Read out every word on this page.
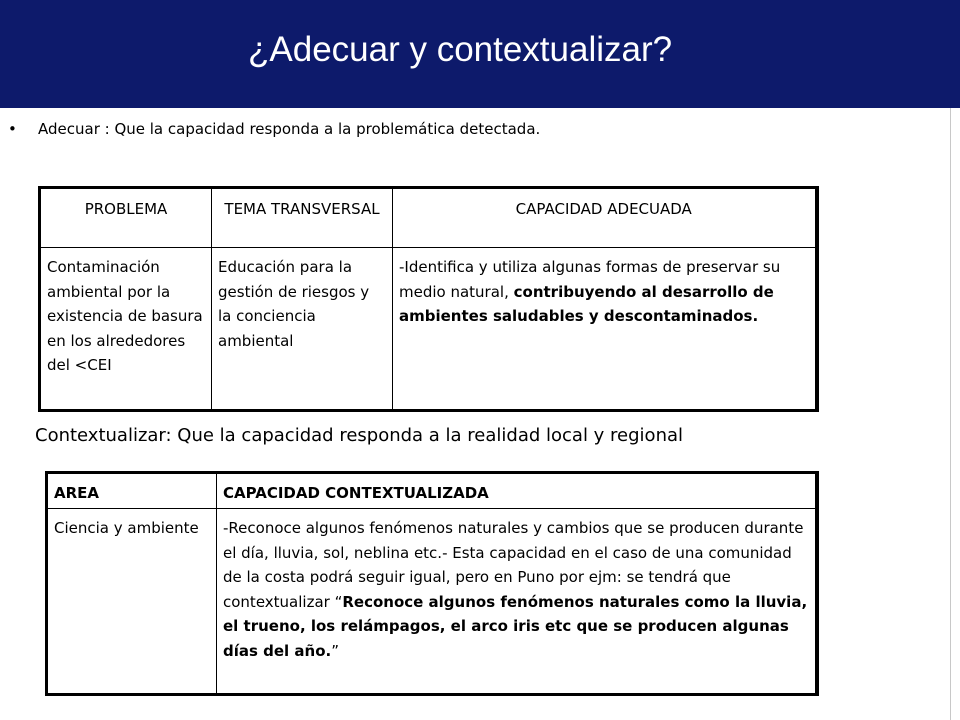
¿Adecuar y contextualizar?
• Adecuar : Que la capacidad responda a la problemática detectada.
PROBLEMA	TEMA TRANSVERSAL	CAPACIDAD ADECUADA
Contaminación ambiental por la existencia de basura en los alrededores del <CEI	Educación para la gestión de riesgos y la conciencia ambiental	-Identifica y utiliza algunas formas de preservar su medio natural, contribuyendo al desarrollo de ambientes saludables y descontaminados.
Contextualizar: Que la capacidad responda a la realidad local y regional
AREA	CAPACIDAD CONTEXTUALIZADA
Ciencia y ambiente	-Reconoce algunos fenómenos naturales y cambios que se producen durante el día, lluvia, sol, neblina etc.- Esta capacidad en el caso de una comunidad de la costa podrá seguir igual, pero en Puno por ejm: se tendrá que contextualizar “Reconoce algunos fenómenos naturales como la lluvia, el trueno, los relámpagos, el arco iris etc que se producen algunas días del año.”
